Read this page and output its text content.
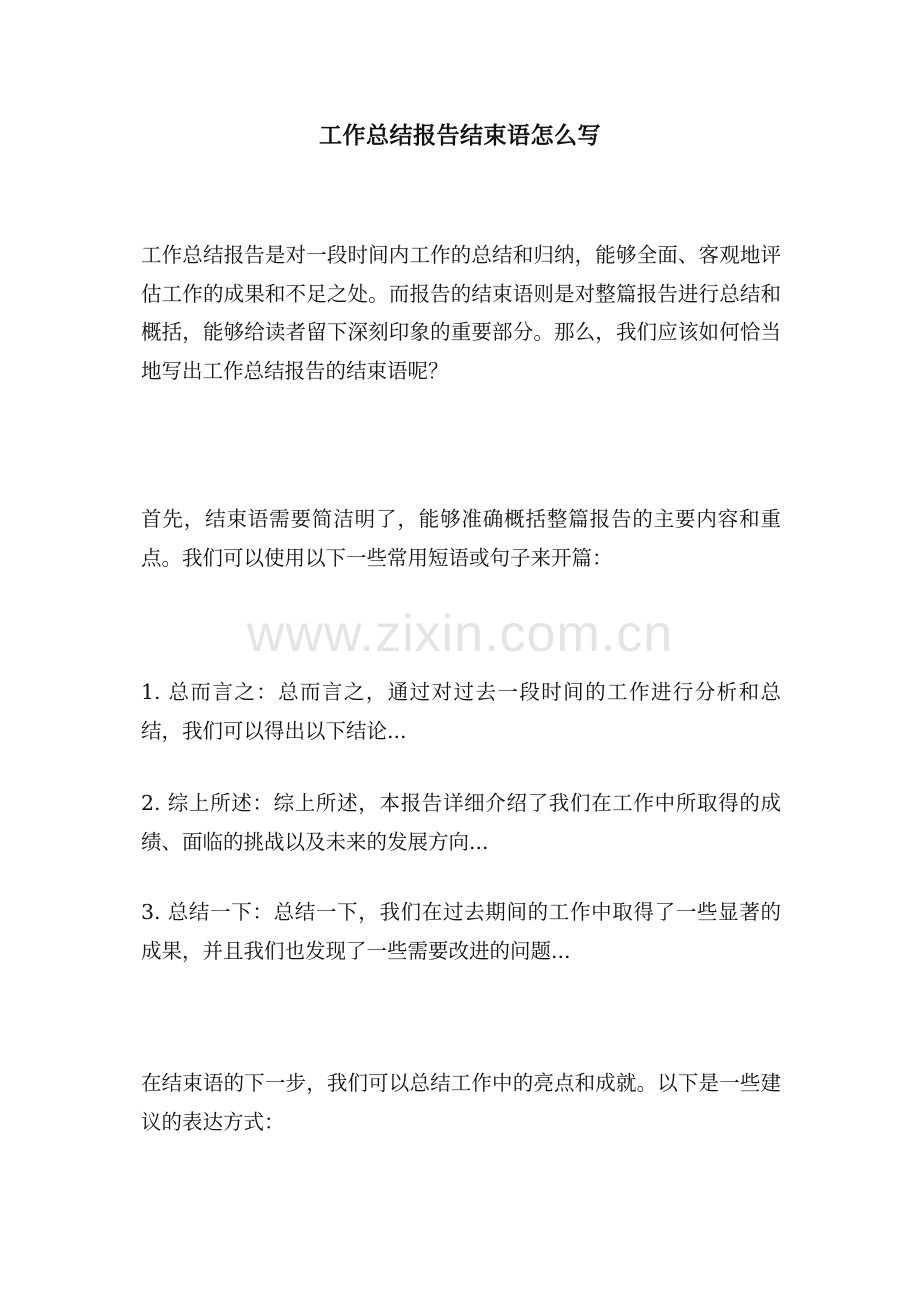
工作总结报告结束语怎么写

工作总结报告是对一段时间内工作的总结和归纳，能够全面、客观地评估工作的成果和不足之处。而报告的结束语则是对整篇报告进行总结和概括，能够给读者留下深刻印象的重要部分。那么，我们应该如何恰当地写出工作总结报告的结束语呢？

首先，结束语需要简洁明了，能够准确概括整篇报告的主要内容和重点。我们可以使用以下一些常用短语或句子来开篇：

www.zixin.com.cn

1. 总而言之：总而言之，通过对过去一段时间的工作进行分析和总结，我们可以得出以下结论...

2. 综上所述：综上所述，本报告详细介绍了我们在工作中所取得的成绩、面临的挑战以及未来的发展方向...

3. 总结一下：总结一下，我们在过去期间的工作中取得了一些显著的成果，并且我们也发现了一些需要改进的问题...

在结束语的下一步，我们可以总结工作中的亮点和成就。以下是一些建议的表达方式：
